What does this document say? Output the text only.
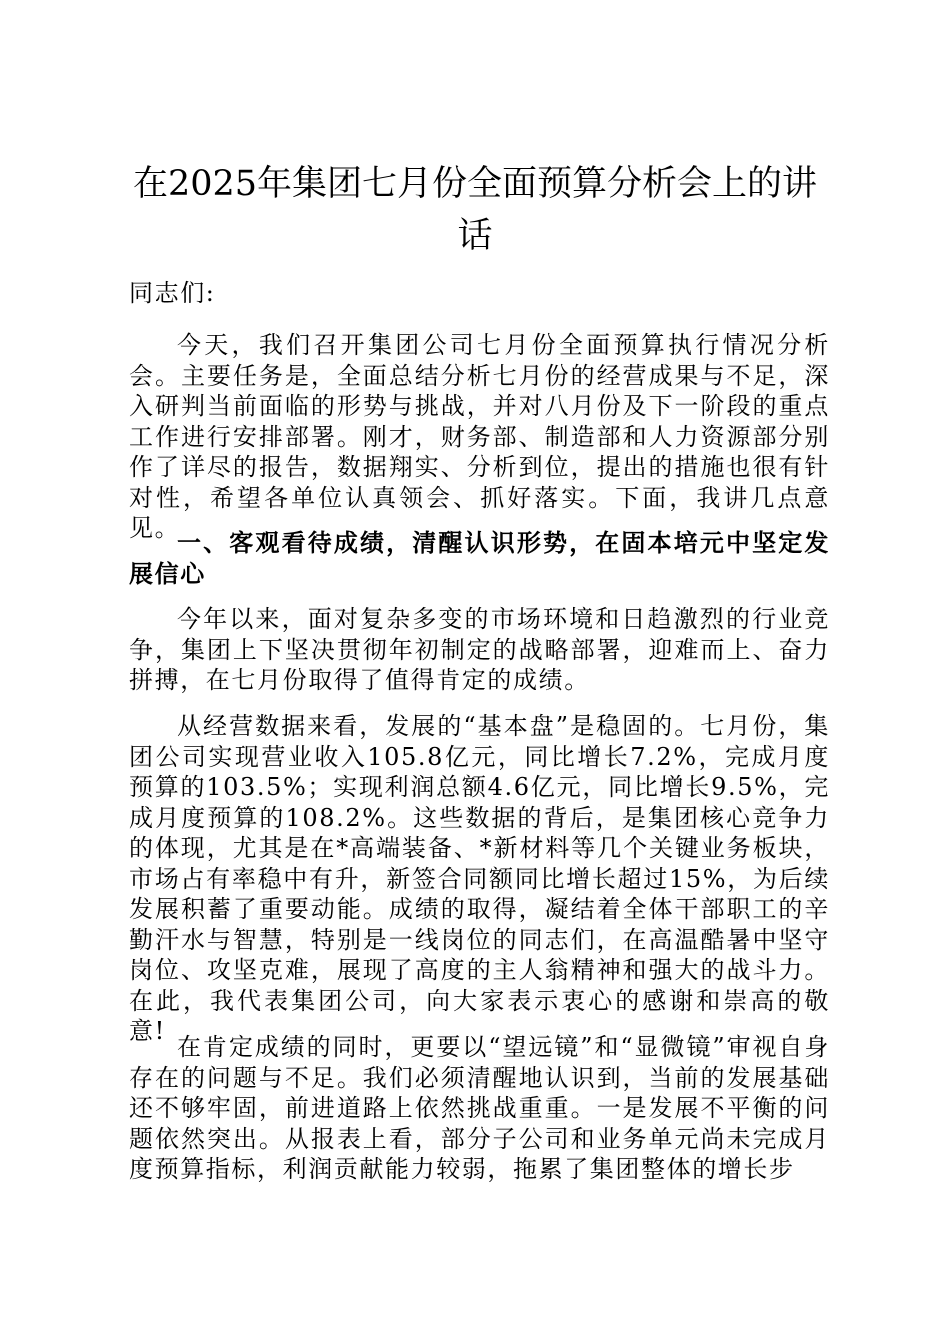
在2025年集团七月份全面预算分析会上的讲
话

同志们:

今天，我们召开集团公司七月份全面预算执行情况分析会。主要任务是，全面总结分析七月份的经营成果与不足，深入研判当前面临的形势与挑战，并对八月份及下一阶段的重点工作进行安排部署。刚才，财务部、制造部和人力资源部分别作了详尽的报告，数据翔实、分析到位，提出的措施也很有针对性，希望各单位认真领会、抓好落实。下面，我讲几点意见。

一、客观看待成绩，清醒认识形势，在固本培元中坚定发展信心

今年以来，面对复杂多变的市场环境和日趋激烈的行业竞争，集团上下坚决贯彻年初制定的战略部署，迎难而上、奋力拼搏，在七月份取得了值得肯定的成绩。

从经营数据来看，发展的“基本盘”是稳固的。七月份，集团公司实现营业收入105.8亿元，同比增长7.2%，完成月度预算的103.5%；实现利润总额4.6亿元，同比增长9.5%，完成月度预算的108.2%。这些数据的背后，是集团核心竞争力的体现，尤其是在*高端装备、*新材料等几个关键业务板块，市场占有率稳中有升，新签合同额同比增长超过15%，为后续发展积蓄了重要动能。成绩的取得，凝结着全体干部职工的辛勤汗水与智慧，特别是一线岗位的同志们，在高温酷暑中坚守岗位、攻坚克难，展现了高度的主人翁精神和强大的战斗力。在此，我代表集团公司，向大家表示衷心的感谢和崇高的敬意!

在肯定成绩的同时，更要以“望远镜”和“显微镜”审视自身存在的问题与不足。我们必须清醒地认识到，当前的发展基础还不够牢固，前进道路上依然挑战重重。一是发展不平衡的问题依然突出。从报表上看，部分子公司和业务单元尚未完成月度预算指标，利润贡献能力较弱，拖累了集团整体的增长步
